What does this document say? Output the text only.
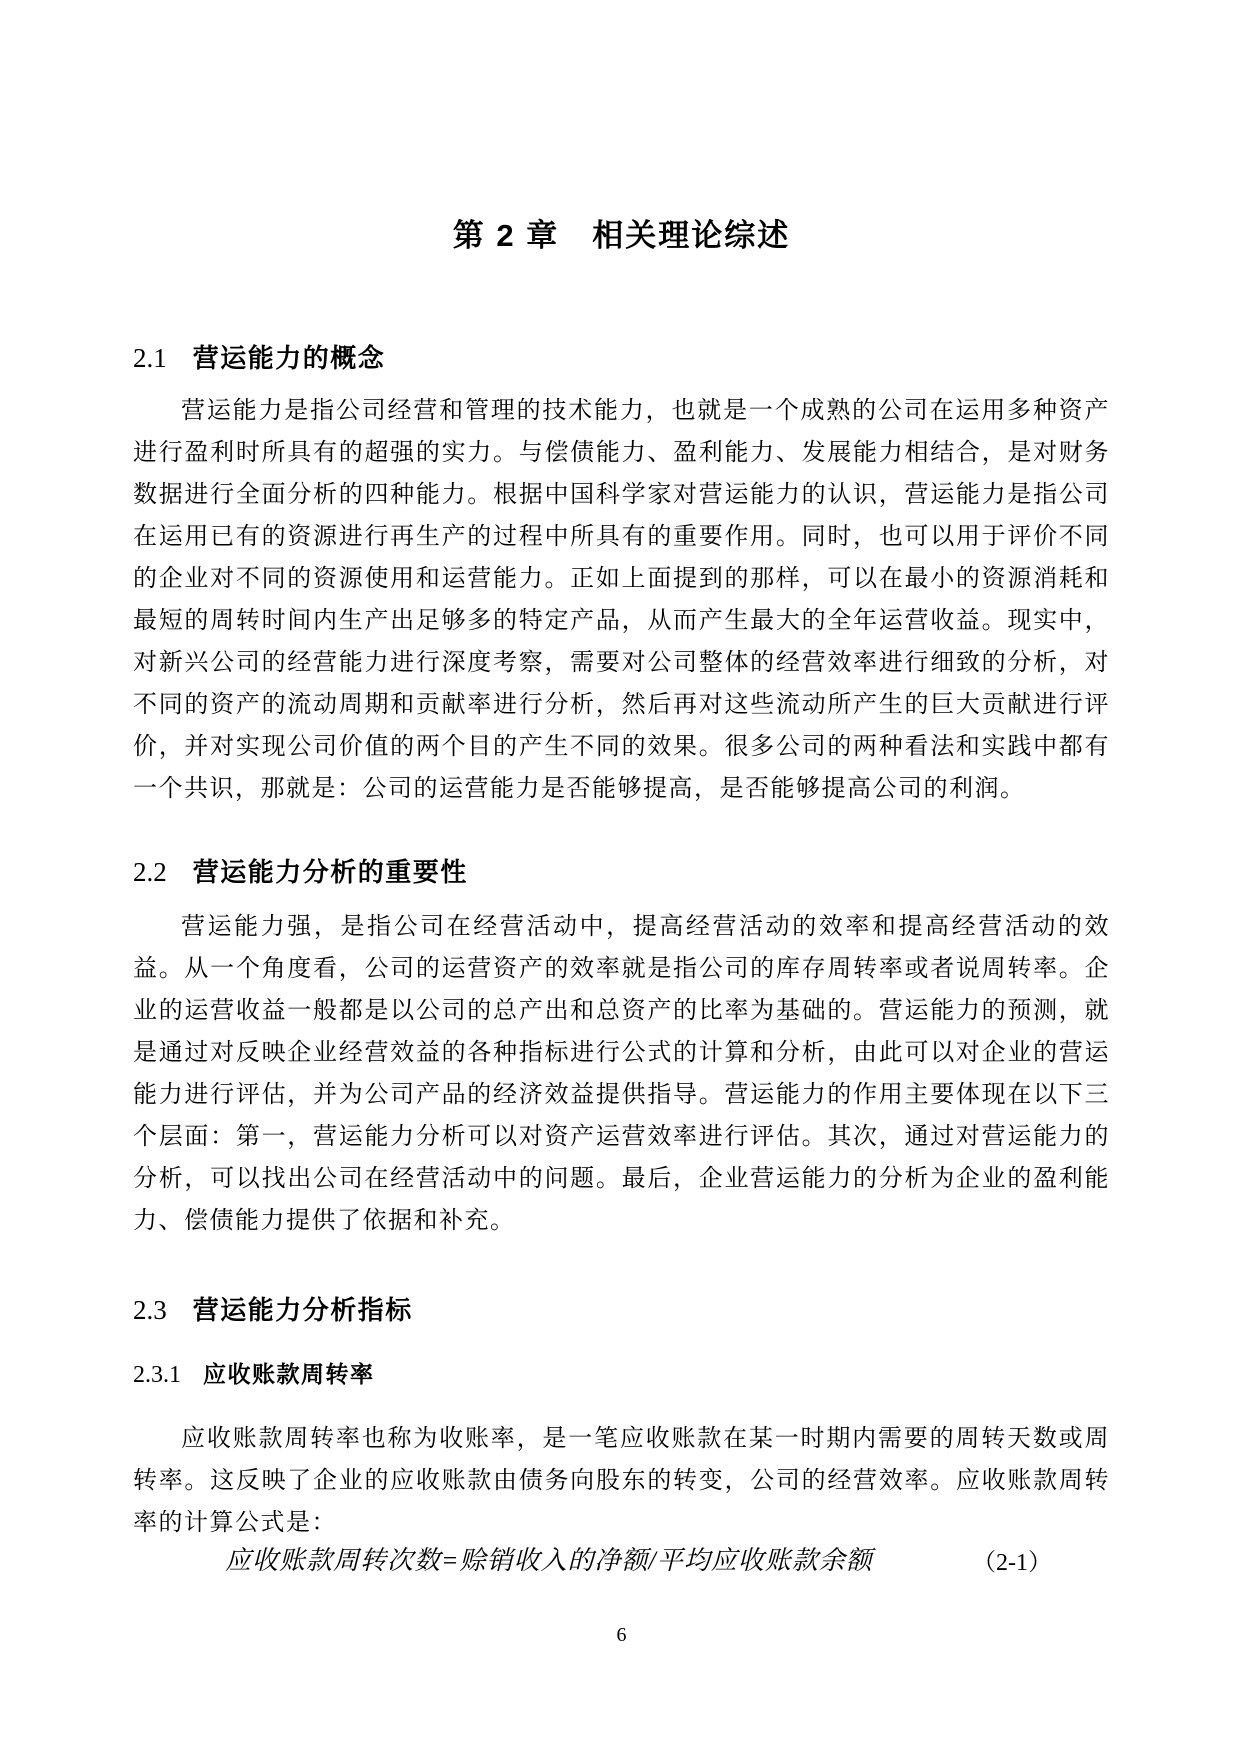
第 2 章　相关理论综述
2.1 营运能力的概念
营运能力是指公司经营和管理的技术能力，也就是一个成熟的公司在运用多种资产进行盈利时所具有的超强的实力。与偿债能力、盈利能力、发展能力相结合，是对财务数据进行全面分析的四种能力。根据中国科学家对营运能力的认识，营运能力是指公司在运用已有的资源进行再生产的过程中所具有的重要作用。同时，也可以用于评价不同的企业对不同的资源使用和运营能力。正如上面提到的那样，可以在最小的资源消耗和最短的周转时间内生产出足够多的特定产品，从而产生最大的全年运营收益。现实中，对新兴公司的经营能力进行深度考察，需要对公司整体的经营效率进行细致的分析，对不同的资产的流动周期和贡献率进行分析，然后再对这些流动所产生的巨大贡献进行评价，并对实现公司价值的两个目的产生不同的效果。很多公司的两种看法和实践中都有一个共识，那就是：公司的运营能力是否能够提高，是否能够提高公司的利润。
2.2 营运能力分析的重要性
营运能力强，是指公司在经营活动中，提高经营活动的效率和提高经营活动的效益。从一个角度看，公司的运营资产的效率就是指公司的库存周转率或者说周转率。企业的运营收益一般都是以公司的总产出和总资产的比率为基础的。营运能力的预测，就是通过对反映企业经营效益的各种指标进行公式的计算和分析，由此可以对企业的营运能力进行评估，并为公司产品的经济效益提供指导。营运能力的作用主要体现在以下三个层面：第一，营运能力分析可以对资产运营效率进行评估。其次，通过对营运能力的分析，可以找出公司在经营活动中的问题。最后，企业营运能力的分析为企业的盈利能力、偿债能力提供了依据和补充。
2.3 营运能力分析指标
2.3.1 应收账款周转率
应收账款周转率也称为收账率，是一笔应收账款在某一时期内需要的周转天数或周转率。这反映了企业的应收账款由债务向股东的转变，公司的经营效率。应收账款周转率的计算公式是：
应收账款周转次数=赊销收入的净额/平均应收账款余额	（2-1）
6
